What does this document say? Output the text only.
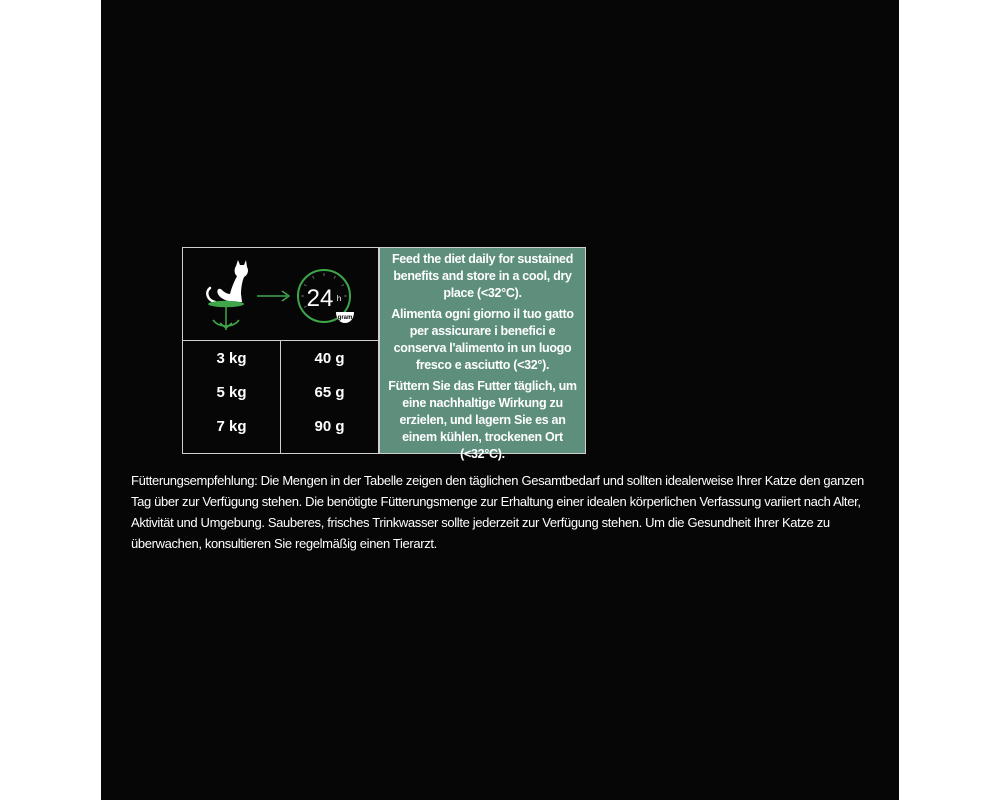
24 h
gram
3 kg
5 kg
7 kg
40 g
65 g
90 g

Feed the diet daily for sustained benefits and store in a cool, dry place (<32°C).

Alimenta ogni giorno il tuo gatto per assicurare i benefici e conserva l'alimento in un luogo fresco e asciutto (<32°).

Füttern Sie das Futter täglich, um eine nachhaltige Wirkung zu erzielen, und lagern Sie es an einem kühlen, trockenen Ort (<32°C).

Fütterungsempfehlung: Die Mengen in der Tabelle zeigen den täglichen Gesamtbedarf und sollten idealerweise Ihrer Katze den ganzen Tag über zur Verfügung stehen. Die benötigte Fütterungsmenge zur Erhaltung einer idealen körperlichen Verfassung variiert nach Alter, Aktivität und Umgebung. Sauberes, frisches Trinkwasser sollte jederzeit zur Verfügung stehen. Um die Gesundheit Ihrer Katze zu überwachen, konsultieren Sie regelmäßig einen Tierarzt.
